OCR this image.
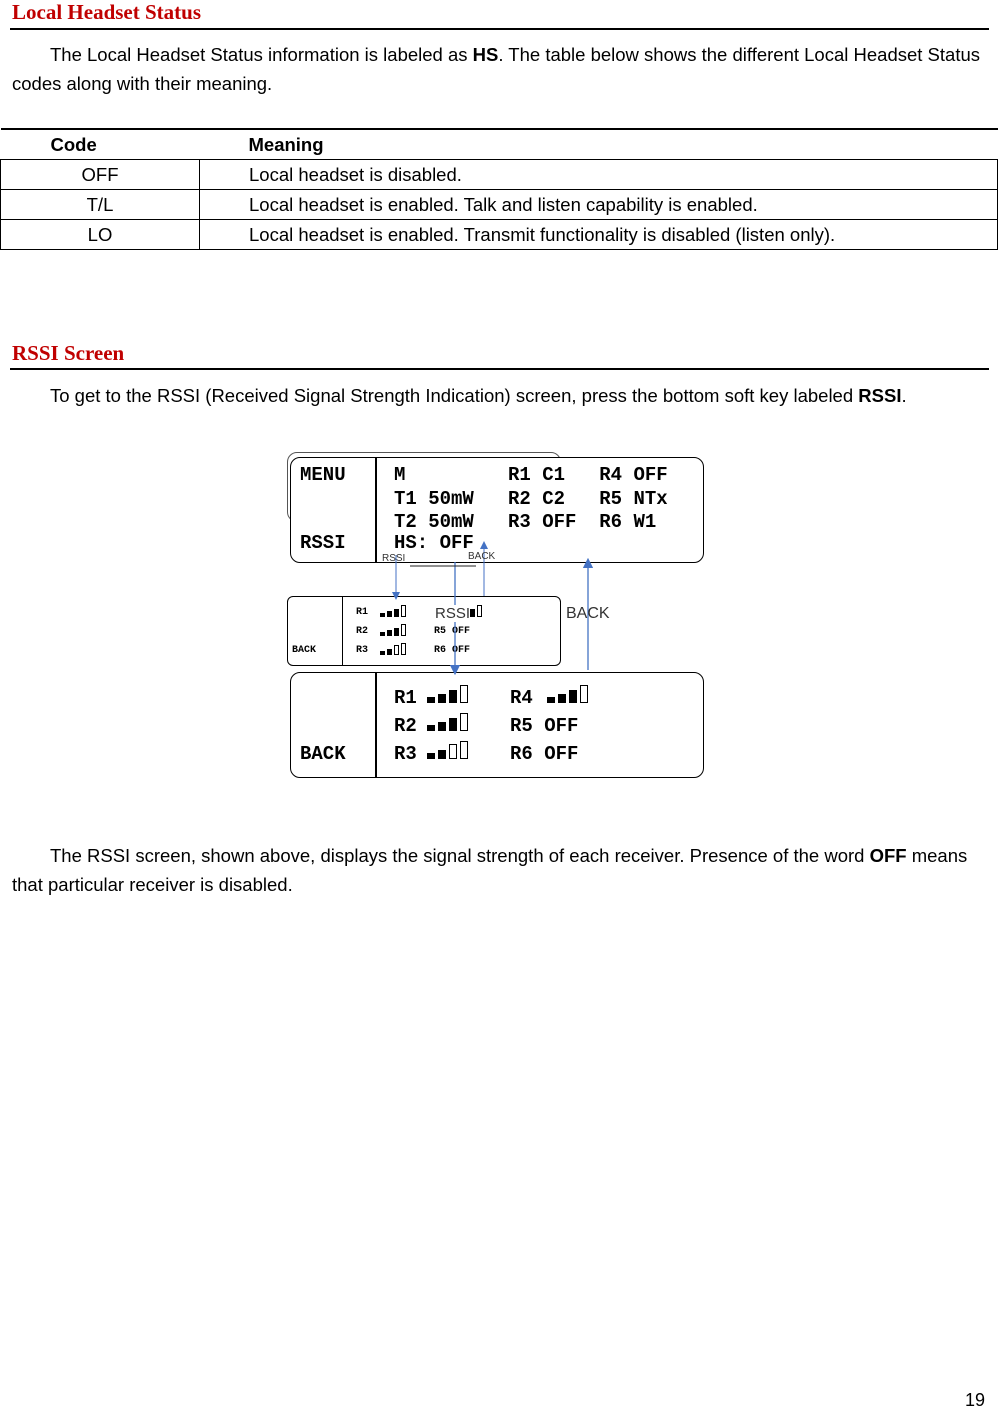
Local Headset Status
The Local Headset Status information is labeled as HS. The table below shows the different Local Headset Status codes along with their meaning.
Code	Meaning
OFF	Local headset is disabled.
T/L	Local headset is enabled. Talk and listen capability is enabled.
LO	Local headset is enabled. Transmit functionality is disabled (listen only).
RSSI Screen
To get to the RSSI (Received Signal Strength Indication) screen, press the bottom soft key labeled RSSI.
MENU
RSSI
M         R1 C1   R4 OFF
T1 50mW   R2 C2   R5 NTx
T2 50mW   R3 OFF  R6 W1
HS: OFF
BACK
R1
R2
R3
R5 OFF
R6 OFF
BACK
R1
R2
R3
R4
R5 OFF
R6 OFF
RSSI	BACK
RSSI	BACK
The RSSI screen, shown above, displays the signal strength of each receiver. Presence of the word OFF means that particular receiver is disabled.
19
